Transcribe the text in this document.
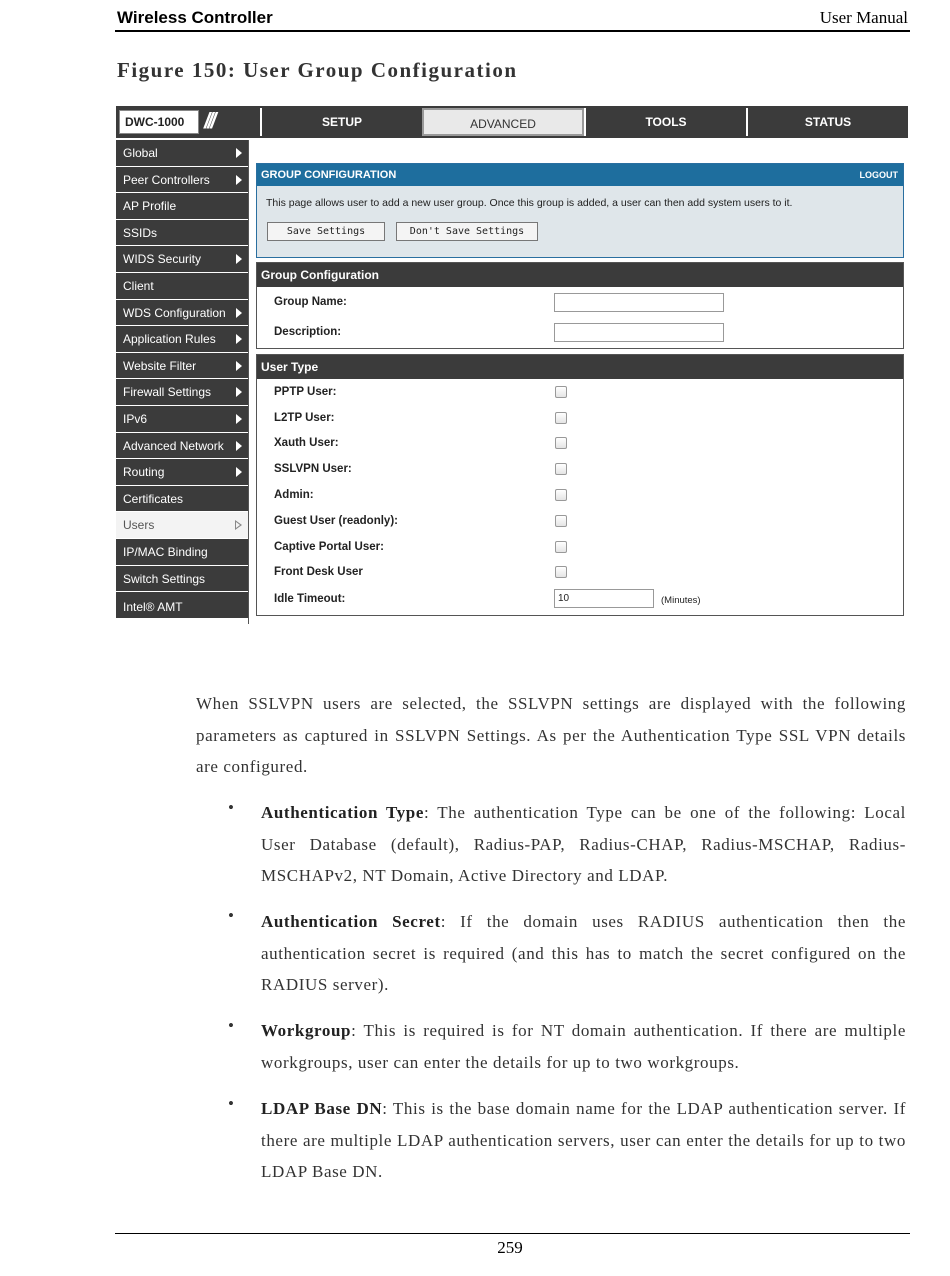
Wireless Controller	User Manual
Figure 150: User Group Configuration
DWC-1000 ///	SETUP	ADVANCED	TOOLS	STATUS
Global
Peer Controllers
AP Profile
SSIDs
WIDS Security
Client
WDS Configuration
Application Rules
Website Filter
Firewall Settings
IPv6
Advanced Network
Routing
Certificates
Users
IP/MAC Binding
Switch Settings
Intel® AMT
GROUP CONFIGURATION	LOGOUT
This page allows user to add a new user group. Once this group is added, a user can then add system users to it.
Save Settings	Don't Save Settings
Group Configuration
Group Name:
Description:
User Type
PPTP User:
L2TP User:
Xauth User:
SSLVPN User:
Admin:
Guest User (readonly):
Captive Portal User:
Front Desk User
Idle Timeout:	10	(Minutes)
When SSLVPN users are selected, the SSLVPN settings are displayed with the following parameters as captured in SSLVPN Settings. As per the Authentication Type SSL VPN details are configured.
• Authentication Type: The authentication Type can be one of the following: Local User Database (default), Radius-PAP, Radius-CHAP, Radius-MSCHAP, Radius-MSCHAPv2, NT Domain, Active Directory and LDAP.
• Authentication Secret: If the domain uses RADIUS authentication then the authentication secret is required (and this has to match the secret configured on the RADIUS server).
• Workgroup: This is required is for NT domain authentication. If there are multiple workgroups, user can enter the details for up to two workgroups.
• LDAP Base DN: This is the base domain name for the LDAP authentication server. If there are multiple LDAP authentication servers, user can enter the details for up to two LDAP Base DN.
259
